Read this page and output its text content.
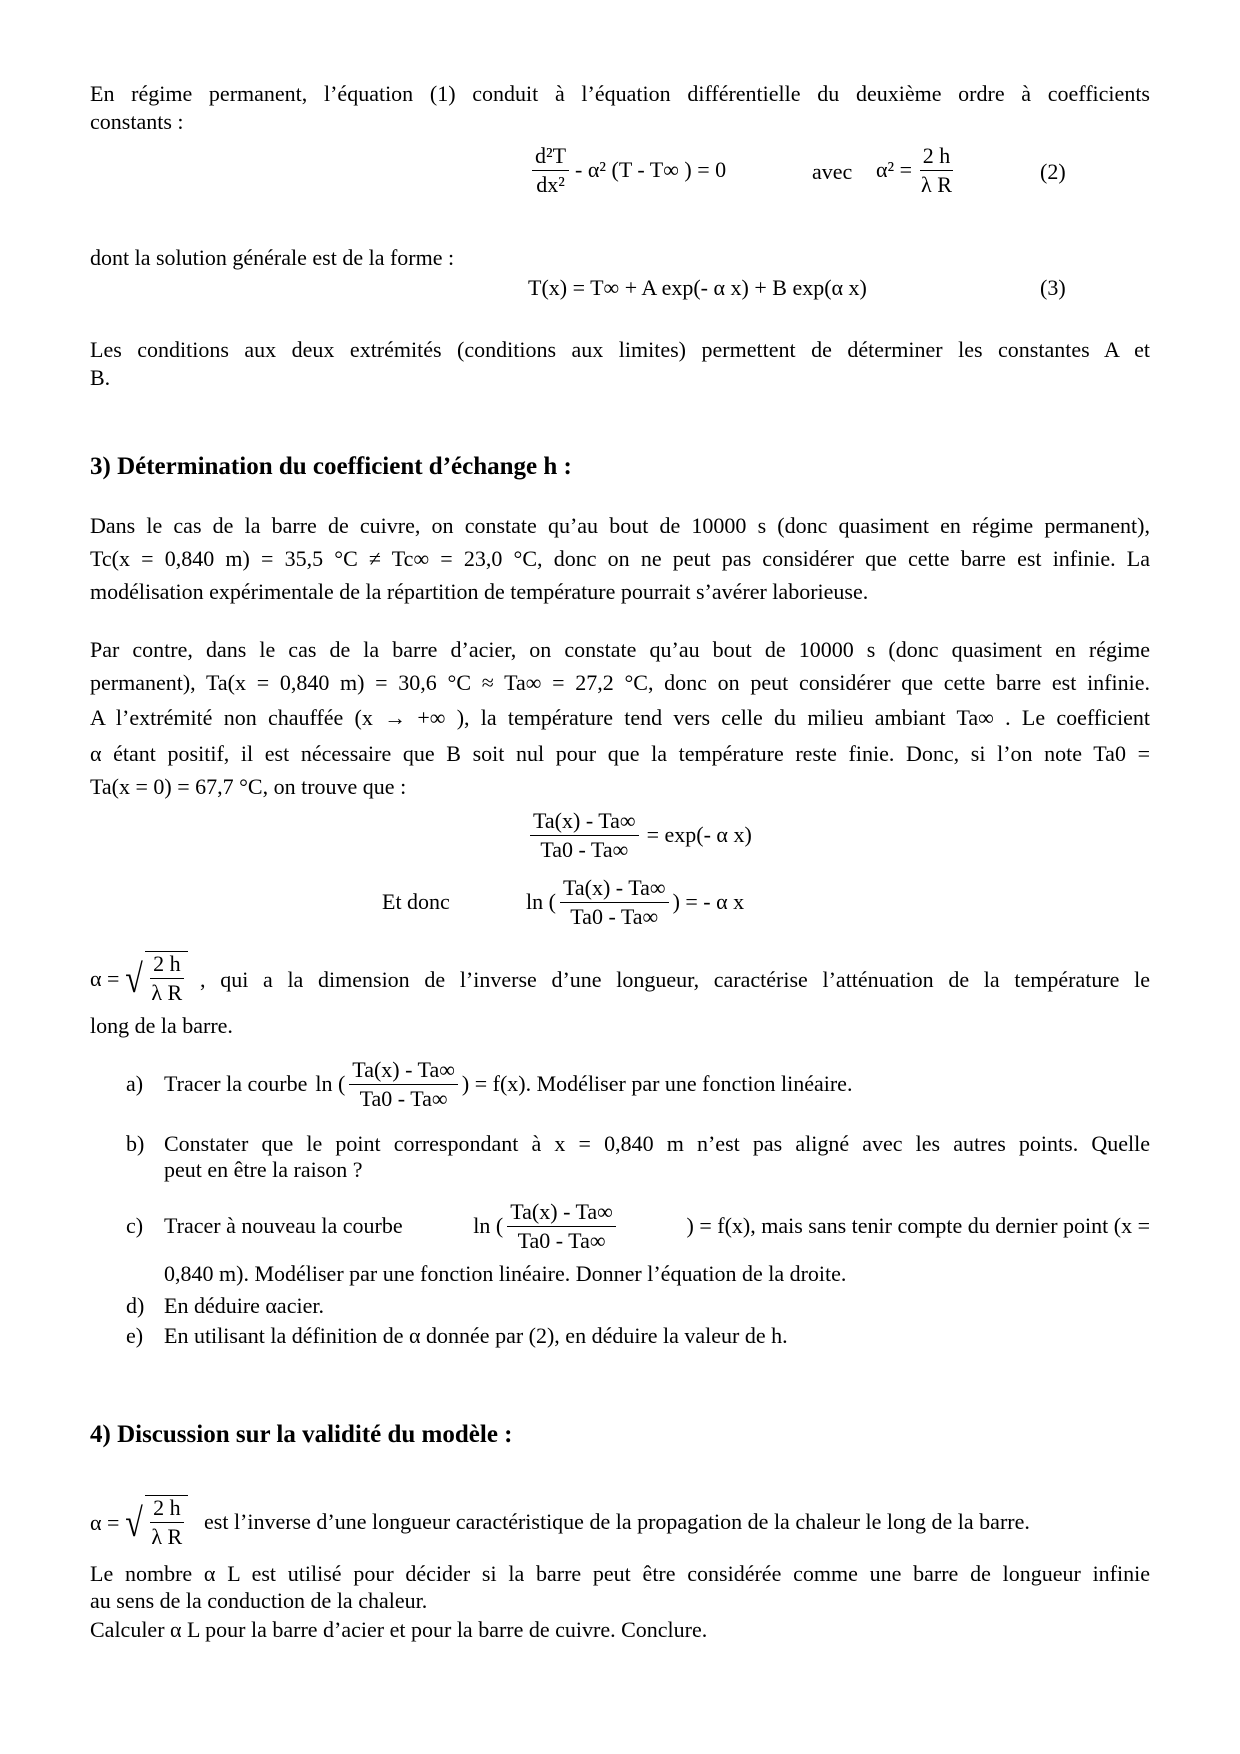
En régime permanent, l’équation (1) conduit à l’équation différentielle du deuxième ordre à coefficients
constants :
$\frac{\text{d²T}}{\text{dx²}} - \alpha^2$ (T - T∞ ) = 0	avec $\alpha^2 = \frac{2 h}{\text{λ R}}$	(2)
dont la solution générale est de la forme :
T(x) = T∞ + A exp(- α x) + B exp(α x)	(3)
Les conditions aux deux extrémités (conditions aux limites) permettent de déterminer les constantes A et
B.
3) Détermination du coefficient d’échange h :
Dans le cas de la barre de cuivre, on constate qu’au bout de 10000 s (donc quasiment en régime permanent),
Tc(x = 0,840 m) = 35,5 °C ≠ Tc∞ = 23,0 °C, donc on ne peut pas considérer que cette barre est infinie. La
modélisation expérimentale de la répartition de température pourrait s’avérer laborieuse.
Par contre, dans le cas de la barre d’acier, on constate qu’au bout de 10000 s (donc quasiment en régime
permanent), Ta(x = 0,840 m) = 30,6 °C ≈ Ta∞ = 27,2 °C, donc on peut considérer que cette barre est infinie.
A l’extrémité non chauffée (x → +∞ ), la température tend vers celle du milieu ambiant Ta∞ . Le coefficient
α étant positif, il est nécessaire que B soit nul pour que la température reste finie. Donc, si l’on note Ta0 =
Ta(x = 0) = 67,7 °C, on trouve que :
$\frac{Ta(x) - Ta\infty}{Ta0 - Ta\infty} = \exp(-$ α x)
Et donc	ln ( $\frac{Ta(x) - Ta\infty}{Ta0 - Ta\infty}$ ) = - α x
α = √ $\frac{2 h}{\text{λ R}}$ , qui a la dimension de l’inverse d’une longueur, caractérise l’atténuation de la température le
long de la barre.
a) Tracer la courbe ln ( $\frac{Ta(x) - Ta\infty}{Ta0 - Ta\infty}$ ) = f(x). Modéliser par une fonction linéaire.
b) Constater que le point correspondant à x = 0,840 m n’est pas aligné avec les autres points. Quelle
peut en être la raison ?
c) Tracer à nouveau la courbe	ln ( $\frac{Ta(x) - Ta\infty}{Ta0 - Ta\infty}$	) = f(x), mais sans tenir compte du dernier point (x =
0,840 m). Modéliser par une fonction linéaire. Donner l’équation de la droite.
d) En déduire αacier.
e) En utilisant la définition de α donnée par (2), en déduire la valeur de h.
4) Discussion sur la validité du modèle :
α = √ $\frac{2 h}{\text{λ R}}$ est l’inverse d’une longueur caractéristique de la propagation de la chaleur le long de la barre.
Le nombre α L est utilisé pour décider si la barre peut être considérée comme une barre de longueur infinie
au sens de la conduction de la chaleur.
Calculer α L pour la barre d’acier et pour la barre de cuivre. Conclure.
